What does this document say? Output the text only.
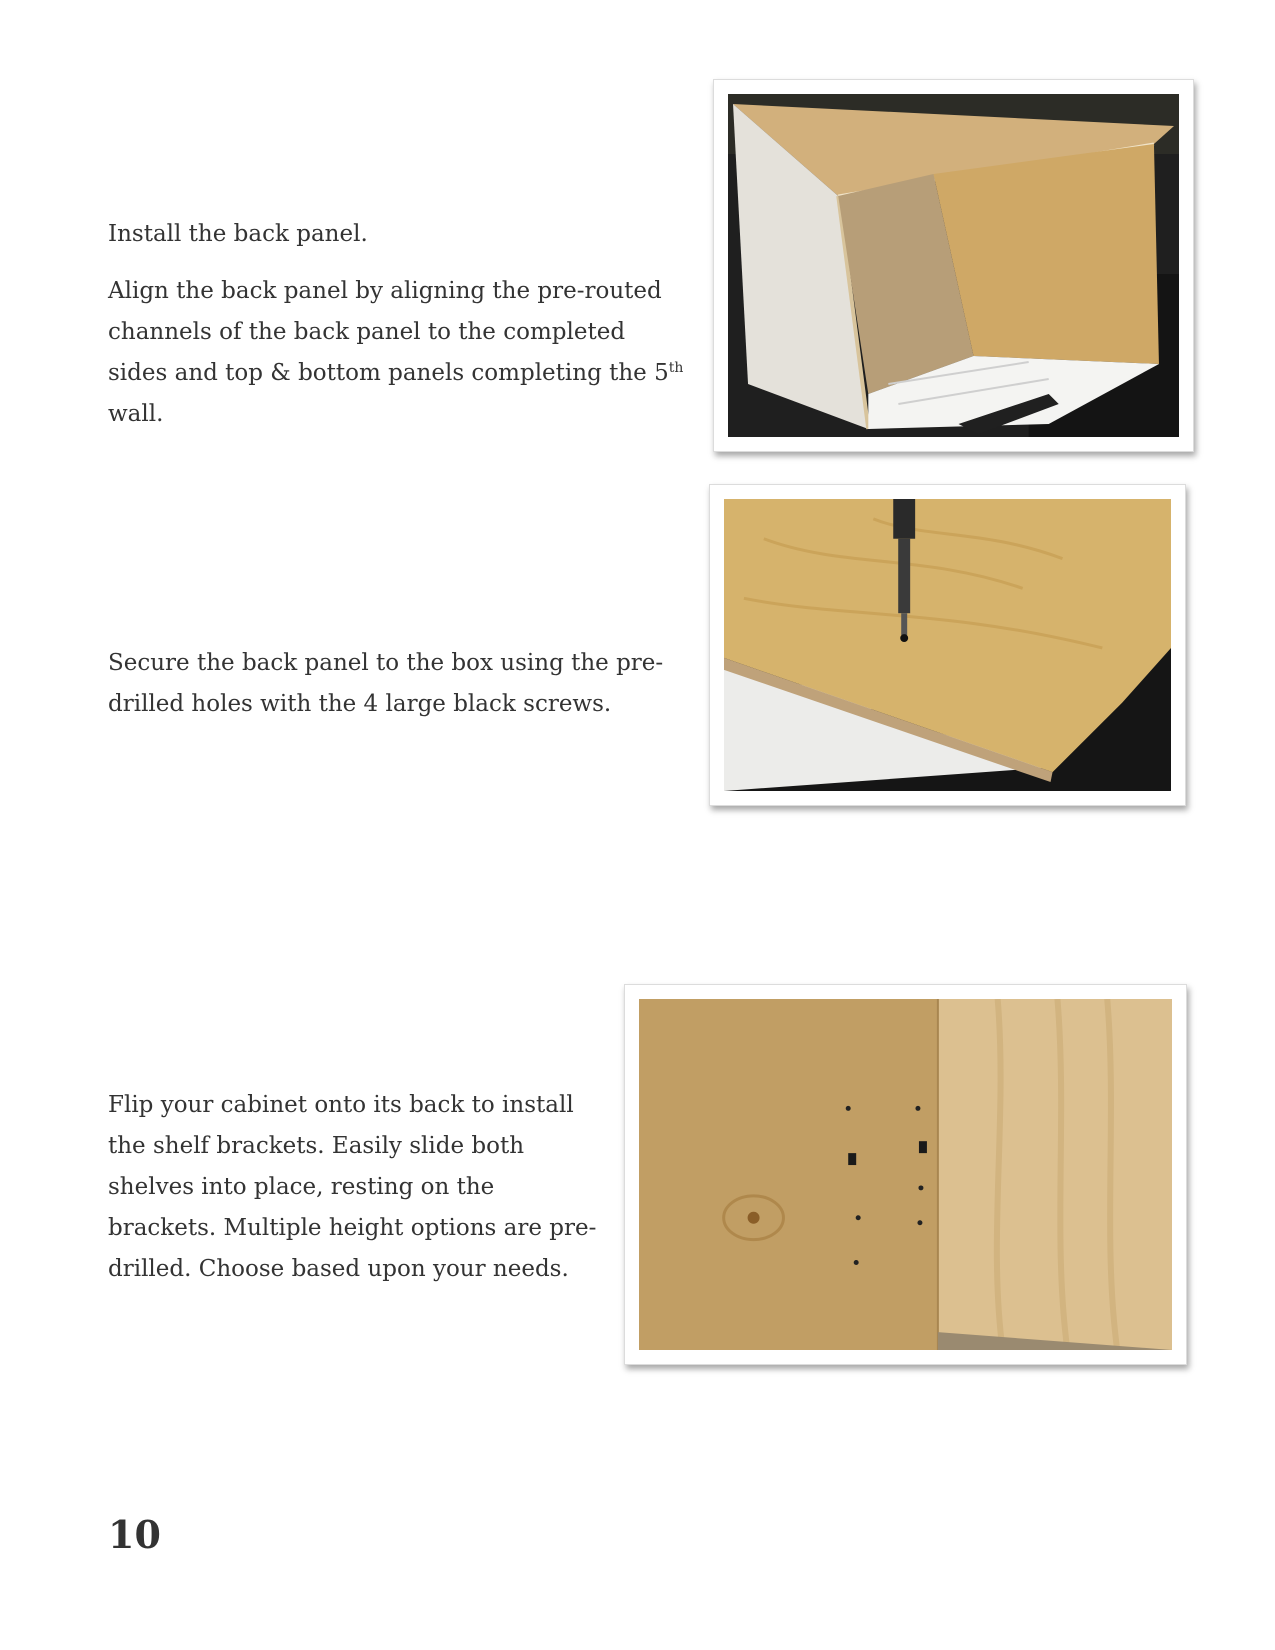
Install the back panel.

Align the back panel by aligning the pre-routed channels of the back panel to the completed sides and top & bottom panels completing the 5th wall.

Secure the back panel to the box using the pre-drilled holes with the 4 large black screws.

Flip your cabinet onto its back to install the shelf brackets. Easily slide both shelves into place, resting on the brackets. Multiple height options are pre-drilled. Choose based upon your needs.

10
